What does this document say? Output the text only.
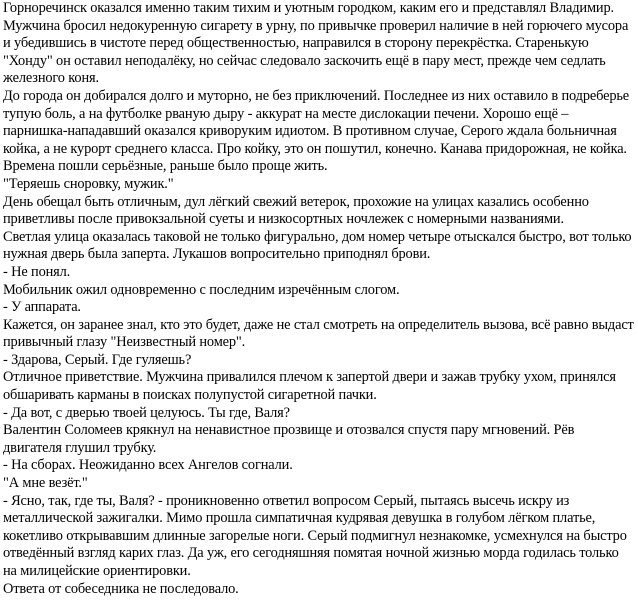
Горноречинск оказался именно таким тихим и уютным городком, каким его и представлял Владимир. Мужчина бросил недокуренную сигарету в урну, по привычке проверил наличие в ней горючего мусора и убедившись в чистоте перед общественностью, направился в сторону перекрёстка. Старенькую "Хонду" он оставил неподалёку, но сейчас следовало заскочить ещё в пару мест, прежде чем седлать железного коня.

До города он добирался долго и муторно, не без приключений. Последнее из них оставило в подреберье тупую боль, а на футболке рваную дыру - аккурат на месте дислокации печени. Хорошо ещё – парнишка-нападавший оказался криворуким идиотом. В противном случае, Серого ждала больничная койка, а не курорт среднего класса. Про койку, это он пошутил, конечно. Канава придорожная, не койка. Времена пошли серьёзные, раньше было проще жить.

"Теряешь сноровку, мужик."

День обещал быть отличным, дул лёгкий свежий ветерок, прохожие на улицах казались особенно приветливы после привокзальной суеты и низкосортных ночлежек с номерными названиями.

Светлая улица оказалась таковой не только фигурально, дом номер четыре отыскался быстро, вот только нужная дверь была заперта. Лукашов вопросительно приподнял брови.

- Не понял.

Мобильник ожил одновременно с последним изречённым слогом.

- У аппарата.

Кажется, он заранее знал, кто это будет, даже не стал смотреть на определитель вызова, всё равно выдаст привычный глазу "Неизвестный номер".

- Здарова, Серый. Где гуляешь?

Отличное приветствие. Мужчина привалился плечом к запертой двери и зажав трубку ухом, принялся обшаривать карманы в поисках полупустой сигаретной пачки.

- Да вот, с дверью твоей целуюсь. Ты где, Валя?

Валентин Соломеев крякнул на ненавистное прозвище и отозвался спустя пару мгновений. Рёв двигателя глушил трубку.

- На сборах. Неожиданно всех Ангелов согнали.

"А мне везёт."

- Ясно, так, где ты, Валя? - проникновенно ответил вопросом Серый, пытаясь высечь искру из металлической зажигалки. Мимо прошла симпатичная кудрявая девушка в голубом лёгком платье, кокетливо открывавшим длинные загорелые ноги. Серый подмигнул незнакомке, усмехнулся на быстро отведённый взгляд карих глаз. Да уж, его сегодняшняя помятая ночной жизнью морда годилась только на милицейские ориентировки.

Ответа от собеседника не последовало.
